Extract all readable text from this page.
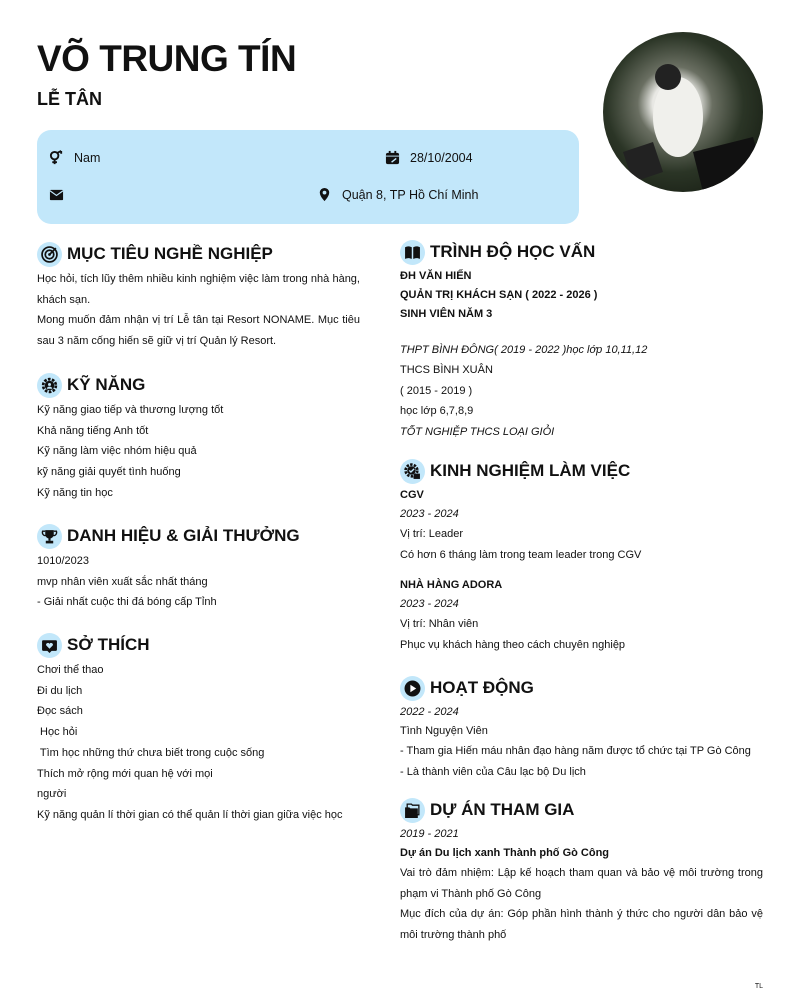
VÕ TRUNG TÍN
LỄ TÂN
Nam	28/10/2004
Quận 8, TP Hồ Chí Minh
MỤC TIÊU NGHỀ NGHIỆP
Học hỏi, tích lũy thêm nhiều kinh nghiệm việc làm trong nhà hàng, khách sạn.
Mong muốn đảm nhận vị trí Lễ tân tại Resort NONAME. Mục tiêu sau 3 năm cống hiến sẽ giữ vị trí Quản lý Resort.
KỸ NĂNG
Kỹ năng giao tiếp và thương lượng tốt
Khả năng tiếng Anh tốt
Kỹ năng làm việc nhóm hiệu quả
kỹ năng giải quyết tình huống
Kỹ năng tin học
DANH HIỆU & GIẢI THƯỞNG
1010/2023
mvp nhân viên xuất sắc nhất tháng
- Giải nhất cuộc thi đá bóng cấp Tỉnh
SỞ THÍCH
Chơi thể thao
Đi du lịch
Đọc sách
Học hỏi
Tìm học những thứ chưa biết trong cuộc sống
Thích mở rộng mới quan hệ với mọi
người
Kỹ năng quản lí thời gian có thể quản lí thời gian giữa việc học
TRÌNH ĐỘ HỌC VẤN
ĐH VĂN HIẾN
QUẢN TRỊ KHÁCH SẠN ( 2022 - 2026 )
SINH VIÊN NĂM 3
THPT BÌNH ĐÔNG( 2019 - 2022 )học lớp 10,11,12
THCS BÌNH XUÂN
( 2015 - 2019 )
học lớp 6,7,8,9
TỐT NGHIỆP THCS LOẠI GIỎI
KINH NGHIỆM LÀM VIỆC
CGV
2023 - 2024
Vị trí: Leader
Có hơn 6 tháng làm trong team leader trong CGV
NHÀ HÀNG ADORA
2023 - 2024
Vị trí: Nhân viên
Phục vụ khách hàng theo cách chuyên nghiệp
HOẠT ĐỘNG
2022 - 2024
Tình Nguyện Viên
- Tham gia Hiến máu nhân đạo hàng năm được tổ chức tại TP Gò Công
- Là thành viên của Câu lạc bộ Du lịch
DỰ ÁN THAM GIA
2019 - 2021
Dự án Du lịch xanh Thành phố Gò Công
Vai trò đảm nhiệm: Lập kế hoạch tham quan và bảo vệ môi trường trong phạm vi Thành phố Gò Công
Mục đích của dự án: Góp phần hình thành ý thức cho người dân bảo vệ môi trường thành phố
TL
